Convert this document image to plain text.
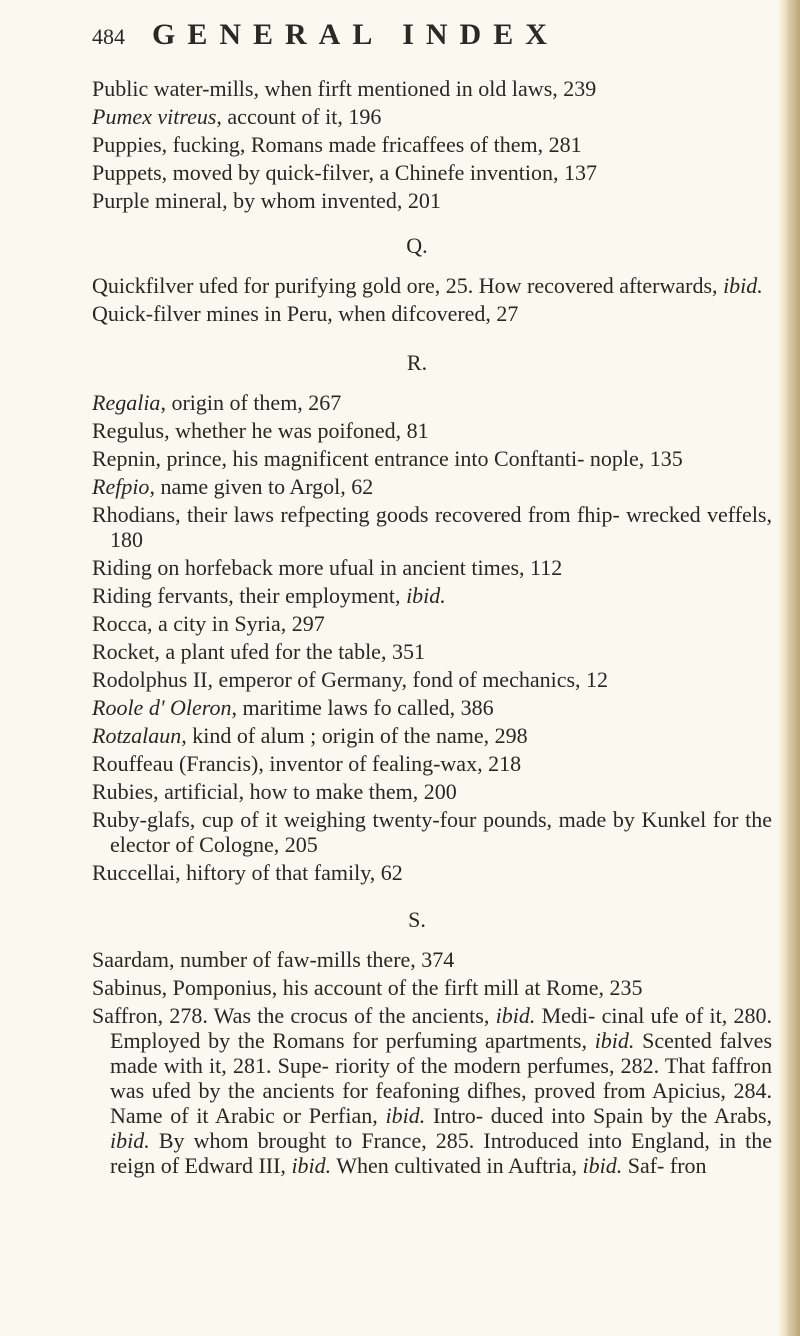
484 GENERAL INDEX

Public water-mills, when firft mentioned in old laws, 239

Pumex vitreus, account of it, 196

Puppies, fucking, Romans made fricaffees of them, 281

Puppets, moved by quick-filver, a Chinefe invention, 137

Purple mineral, by whom invented, 201

Q.

Quickfilver ufed for purifying gold ore, 25. How recovered afterwards, ibid.

Quick-filver mines in Peru, when difcovered, 27

R.

Regalia, origin of them, 267

Regulus, whether he was poifoned, 81

Repnin, prince, his magnificent entrance into Conftanti- nople, 135

Refpio, name given to Argol, 62

Rhodians, their laws refpecting goods recovered from fhip- wrecked veffels, 180

Riding on horfeback more ufual in ancient times, 112

Riding fervants, their employment, ibid.

Rocca, a city in Syria, 297

Rocket, a plant ufed for the table, 351

Rodolphus II, emperor of Germany, fond of mechanics, 12

Roole d' Oleron, maritime laws fo called, 386

Rotzalaun, kind of alum ; origin of the name, 298

Rouffeau (Francis), inventor of fealing-wax, 218

Rubies, artificial, how to make them, 200

Ruby-glafs, cup of it weighing twenty-four pounds, made by Kunkel for the elector of Cologne, 205

Ruccellai, hiftory of that family, 62

S.

Saardam, number of faw-mills there, 374

Sabinus, Pomponius, his account of the firft mill at Rome, 235

Saffron, 278. Was the crocus of the ancients, ibid. Medi- cinal ufe of it, 280. Employed by the Romans for perfuming apartments, ibid. Scented falves made with it, 281. Supe- riority of the modern perfumes, 282. That faffron was ufed by the ancients for feafoning difhes, proved from Apicius, 284. Name of it Arabic or Perfian, ibid. Intro- duced into Spain by the Arabs, ibid. By whom brought to France, 285. Introduced into England, in the reign of Edward III, ibid. When cultivated in Auftria, ibid. Saf- fron
